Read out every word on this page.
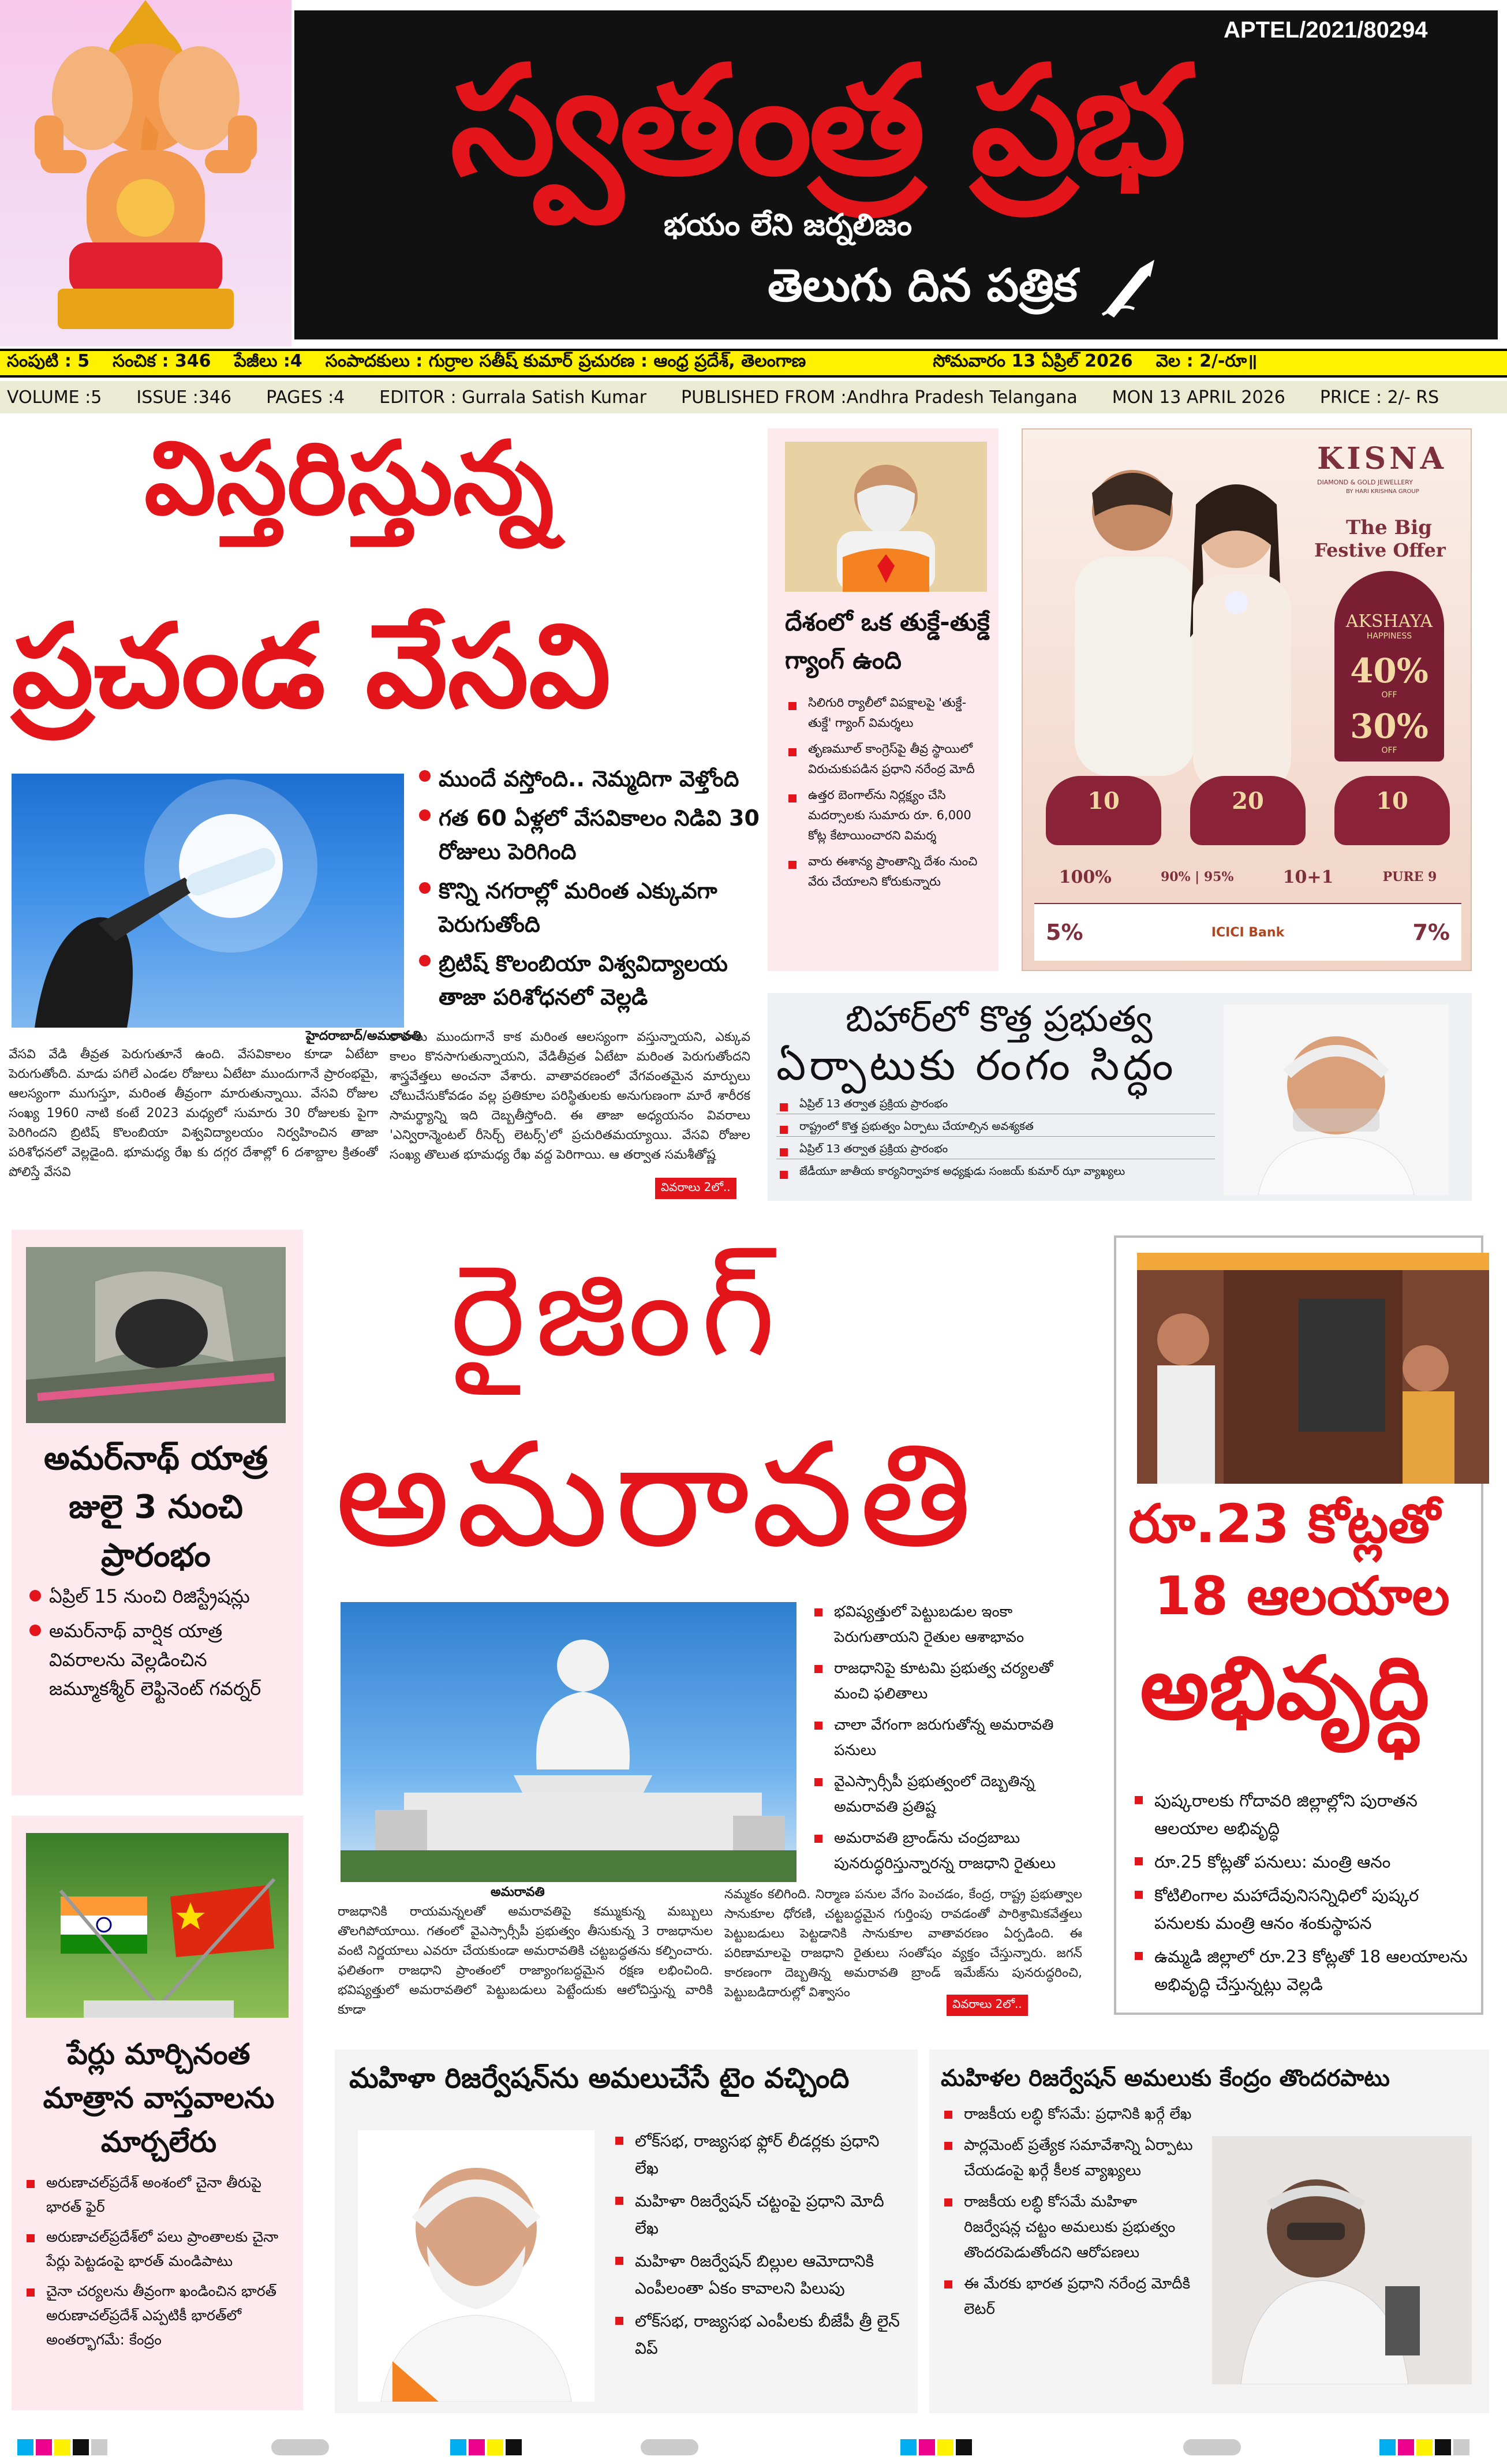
APTEL/2021/80294
స్వతంత్ర ప్రభ
భయం లేని జర్నలిజం
తెలుగు దిన పత్రిక
సంపుటి : 5 సంచిక : 346 పేజీలు :4 సంపాదకులు : గుర్రాల సతీష్ కుమార్ ప్రచురణ : ఆంధ్ర ప్రదేశ్, తెలంగాణ	సోమవారం 13 ఏప్రిల్ 2026 వెల : 2/-రూ॥
VOLUME :5 ISSUE :346 PAGES :4 EDITOR : Gurrala Satish Kumar PUBLISHED FROM :Andhra Pradesh Telangana MON 13 APRIL 2026 PRICE : 2/- RS
విస్తరిస్తున్న
ప్రచండ వేసవి
ముందే వస్తోంది.. నెమ్మదిగా వెళ్తోంది
గత 60 ఏళ్లలో వేసవికాలం నిడివి 30 రోజులు పెరిగింది
కొన్ని నగరాల్లో మరింత ఎక్కువగా పెరుగుతోంది
బ్రిటిష్ కొలంబియా విశ్వవిద్యాలయ తాజా పరిశోధనలో వెల్లడి
హైదరాబాద్/అమరావతి
వేసవి వేడి తీవ్రత పెరుగుతూనే ఉంది. వేసవికాలం కూడా ఏటేటా పెరుగుతోంది. మాడు పగిలే ఎండల రోజులు ఏటేటా ముందుగానే ప్రారంభమై, ఆలస్యంగా ముగుస్తూ, మరింత తీవ్రంగా మారుతున్నాయి. వేసవి రోజుల సంఖ్య 1960 నాటి కంటే 2023 మధ్యలో సుమారు 30 రోజులకు పైగా పెరిగిందని బ్రిటిష్ కొలంబియా విశ్వవిద్యాలయం నిర్వహించిన తాజా పరిశోధనలో వెల్లడైంది. భూమధ్య రేఖ కు దగ్గర దేశాల్లో 6 దశాబ్దాల క్రితంతో పోలిస్తే వేసవి
కాలాలు ముందుగానే కాక మరింత ఆలస్యంగా వస్తున్నాయని, ఎక్కువ కాలం కొనసాగుతున్నాయని, వేడితీవ్రత ఏటేటా మరింత పెరుగుతోందని శాస్త్రవేత్తలు అంచనా వేశారు. వాతావరణంలో వేగవంతమైన మార్పులు చోటుచేసుకోవడం వల్ల ప్రతికూల పరిస్థితులకు అనుగుణంగా మారే శారీరక సామర్థ్యాన్ని ఇది దెబ్బతీస్తోంది. ఈ తాజా అధ్యయనం వివరాలు 'ఎన్విరాన్మెంటల్ రీసెర్చ్ లెటర్స్'లో ప్రచురితమయ్యాయి. వేసవి రోజుల సంఖ్య తొలుత భూమధ్య రేఖ వద్ద పెరిగాయి. ఆ తర్వాత సమశీతోష్ణ
వివరాలు 2లో..
దేశంలో ఒక తుక్డే-తుక్డే గ్యాంగ్ ఉంది
సిలిగురి ర్యాలీలో విపక్షాలపై 'తుక్డే-తుక్డే' గ్యాంగ్ విమర్శలు
తృణమూల్ కాంగ్రెస్‌పై తీవ్ర స్థాయిలో విరుచుకుపడిన ప్రధాని నరేంద్ర మోదీ
ఉత్తర బెంగాల్‌ను నిర్లక్ష్యం చేసి మదర్సాలకు సుమారు రూ. 6,000 కోట్ల కేటాయించారని విమర్శ
వారు ఈశాన్య ప్రాంతాన్ని దేశం నుంచి వేరు చేయాలని కోరుకున్నారు
KISNA
DIAMOND & GOLD JEWELLERY
BY HARI KRISHNA GROUP
The Big
Festive Offer
AKSHAYA
HAPPINESS
40%
OFF
30%
OFF
10	20	10
100%	90% | 95%	10+1	PURE 9
5%	ICICI Bank	7%
బిహార్‌లో కొత్త ప్రభుత్వ
ఏర్పాటుకు రంగం సిద్ధం
ఏప్రిల్ 13 తర్వాత ప్రక్రియ ప్రారంభం
రాష్ట్రంలో కొత్త ప్రభుత్వం ఏర్పాటు చేయాల్సిన అవశ్యకత
ఏప్రిల్ 13 తర్వాత ప్రక్రియ ప్రారంభం
జేడీయూ జాతీయ కార్యనిర్వాహక అధ్యక్షుడు సంజయ్ కుమార్ ఝా వ్యాఖ్యలు
అమర్‌నాథ్ యాత్ర జులై 3 నుంచి ప్రారంభం
ఏప్రిల్ 15 నుంచి రిజిస్ట్రేషన్లు
అమర్‌నాథ్ వార్షిక యాత్ర వివరాలను వెల్లడించిన జమ్మూకశ్మీర్ లెఫ్టినెంట్ గవర్నర్
రైజింగ్
అమరావతి
భవిష్యత్తులో పెట్టుబడుల ఇంకా పెరుగుతాయని రైతుల ఆశాభావం
రాజధానిపై కూటమి ప్రభుత్వ చర్యలతో మంచి ఫలితాలు
చాలా వేగంగా జరుగుతోన్న అమరావతి పనులు
వైఎస్సార్సీపీ ప్రభుత్వంలో దెబ్బతిన్న అమరావతి ప్రతిష్ట
అమరావతి బ్రాండ్‌ను చంద్రబాబు పునరుద్ధరిస్తున్నారన్న రాజధాని రైతులు
అమరావతి
రాజధానికి రాయమన్నలతో అమరావతిపై కమ్ముకున్న మబ్బులు తొలగిపోయాయి. గతంలో వైఎస్సార్సీపీ ప్రభుత్వం తీసుకున్న 3 రాజధానుల వంటి నిర్ణయాలు ఎవరూ చేయకుండా అమరావతికి చట్టబద్ధతను కల్పించారు. ఫలితంగా రాజధాని ప్రాంతంలో రాజ్యాంగబద్ధమైన రక్షణ లభించింది. భవిష్యత్తులో అమరావతిలో పెట్టుబడులు పెట్టేందుకు ఆలోచిస్తున్న వారికి కూడా
నమ్మకం కలిగింది. నిర్మాణ పనుల వేగం పెంచడం, కేంద్ర, రాష్ట్ర ప్రభుత్వాల సానుకూల ధోరణి, చట్టబద్ధమైన గుర్తింపు రావడంతో పారిశ్రామికవేత్తలు పెట్టుబడులు పెట్టడానికి సానుకూల వాతావరణం ఏర్పడింది. ఈ పరిణామాలపై రాజధాని రైతులు సంతోషం వ్యక్తం చేస్తున్నారు. జగన్ కారణంగా దెబ్బతిన్న అమరావతి బ్రాండ్ ఇమేజ్‌ను పునరుద్ధరించి, పెట్టుబడిదారుల్లో విశ్వాసం
వివరాలు 2లో..
రూ.23 కోట్లతో
18 ఆలయాల
అభివృద్ధి
పుష్కరాలకు గోదావరి జిల్లాల్లోని పురాతన ఆలయాల అభివృద్ధి
రూ.25 కోట్లతో పనులు: మంత్రి ఆనం
కోటిలింగాల మహాదేవునిసన్నిధిలో పుష్కర పనులకు మంత్రి ఆనం శంకుస్థాపన
ఉమ్మడి జిల్లాలో రూ.23 కోట్లతో 18 ఆలయాలను అభివృద్ధి చేస్తున్నట్లు వెల్లడి
పేర్లు మార్చినంత మాత్రాన వాస్తవాలను మార్చలేరు
అరుణాచల్‌ప్రదేశ్ అంశంలో చైనా తీరుపై భారత్ ఫైర్
అరుణాచల్‌ప్రదేశ్‌లో పలు ప్రాంతాలకు చైనా పేర్లు పెట్టడంపై భారత్ మండిపాటు
చైనా చర్యలను తీవ్రంగా ఖండించిన భారత్ అరుణాచల్‌ప్రదేశ్ ఎప్పటికీ భారత్‌లో అంతర్భాగమే: కేంద్రం
మహిళా రిజర్వేషన్‌ను అమలుచేసే టైం వచ్చింది
లోక్‌సభ, రాజ్యసభ ఫ్లోర్ లీడర్లకు ప్రధాని లేఖ
మహిళా రిజర్వేషన్ చట్టంపై ప్రధాని మోదీ లేఖ
మహిళా రిజర్వేషన్ బిల్లుల ఆమోదానికి ఎంపీలంతా ఏకం కావాలని పిలుపు
లోక్‌సభ, రాజ్యసభ ఎంపీలకు బీజేపీ త్రీ లైన్ విప్
మహిళల రిజర్వేషన్ అమలుకు కేంద్రం తొందరపాటు
రాజకీయ లబ్ధి కోసమే: ప్రధానికి ఖర్గే లేఖ
పార్లమెంట్ ప్రత్యేక సమావేశాన్ని ఏర్పాటు చేయడంపై ఖర్గే కీలక వ్యాఖ్యలు
రాజకీయ లబ్ధి కోసమే మహిళా రిజర్వేషన్ల చట్టం అమలుకు ప్రభుత్వం తొందరపెడుతోందని ఆరోపణలు
ఈ మేరకు భారత ప్రధాని నరేంద్ర మోదీకి లెటర్
